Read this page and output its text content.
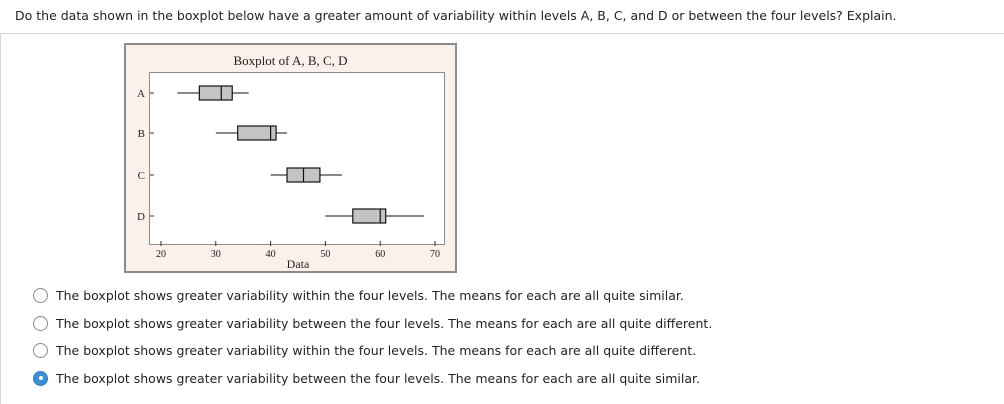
Do the data shown in the boxplot below have a greater amount of variability within levels A, B, C, and D or between the four levels? Explain.
Boxplot of A, B, C, D
20	30	40	50	60	70
Data
A
B
C
D
The boxplot shows greater variability within the four levels. The means for each are all quite similar.
The boxplot shows greater variability between the four levels. The means for each are all quite different.
The boxplot shows greater variability within the four levels. The means for each are all quite different.
The boxplot shows greater variability between the four levels. The means for each are all quite similar.
